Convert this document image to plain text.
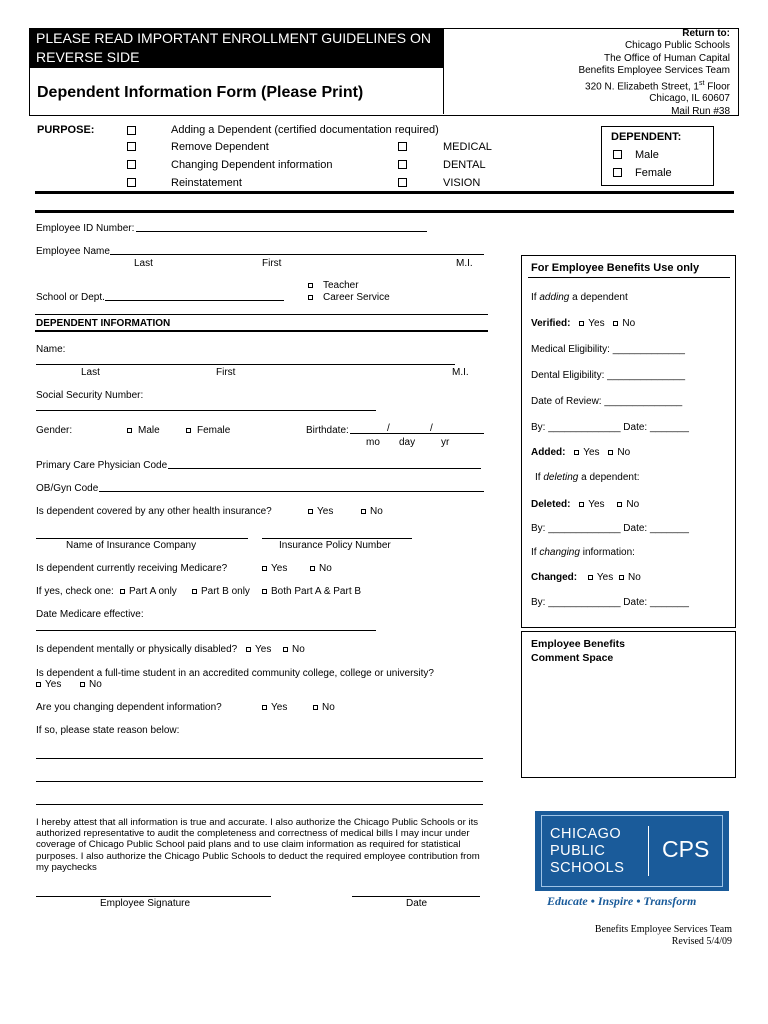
PLEASE READ IMPORTANT ENROLLMENT GUIDELINES ON
REVERSE SIDE
Dependent Information Form (Please Print)
Return to:
Chicago Public Schools
The Office of Human Capital
Benefits Employee Services Team
320 N. Elizabeth Street, 1st Floor
Chicago, IL 60607
Mail Run #38
PURPOSE:	Adding a Dependent (certified documentation required)
Remove Dependent
Changing Dependent information
Reinstatement
MEDICAL
DENTAL
VISION
DEPENDENT:
Male
Female
Employee ID Number:
Employee Name
Last	First	M.I.
Teacher
Career Service
School or Dept.
DEPENDENT INFORMATION
Name:
Last	First	M.I.
Social Security Number:
Gender:	Male	Female	Birthdate:	/	/
mo day	yr
Primary Care Physician Code
OB/Gyn Code
Is dependent covered by any other health insurance?	Yes	No
Name of Insurance Company	Insurance Policy Number
Is dependent currently receiving Medicare?	Yes	No
If yes, check one:	Part A only	Part B only	Both Part A & Part B
Date Medicare effective:
Is dependent mentally or physically disabled?	Yes	No
Is dependent a full-time student in an accredited community college, college or university?
Yes	No
Are you changing dependent information?	Yes	No
If so, please state reason below:
For Employee Benefits Use only
If adding a dependent
Verified: Yes No
Medical Eligibility: _____________
Dental Eligibility: ______________
Date of Review: ______________
By: _____________ Date: _______
Added: Yes No
If deleting a dependent:
Deleted: Yes No
By: _____________ Date: _______
If changing information:
Changed: Yes No
By: _____________ Date: _______
Employee Benefits
Comment Space
I hereby attest that all information is true and accurate. I also authorize the Chicago Public Schools or its authorized representative to audit the completeness and correctness of medical bills I may incur under coverage of Chicago Public School paid plans and to use claim information as required for statistical purposes. I also authorize the Chicago Public Schools to deduct the required employee contribution from my paychecks
Employee Signature	Date
CHICAGO
PUBLIC
SCHOOLS
CPS
Educate • Inspire • Transform
Benefits Employee Services Team
Revised 5/4/09
